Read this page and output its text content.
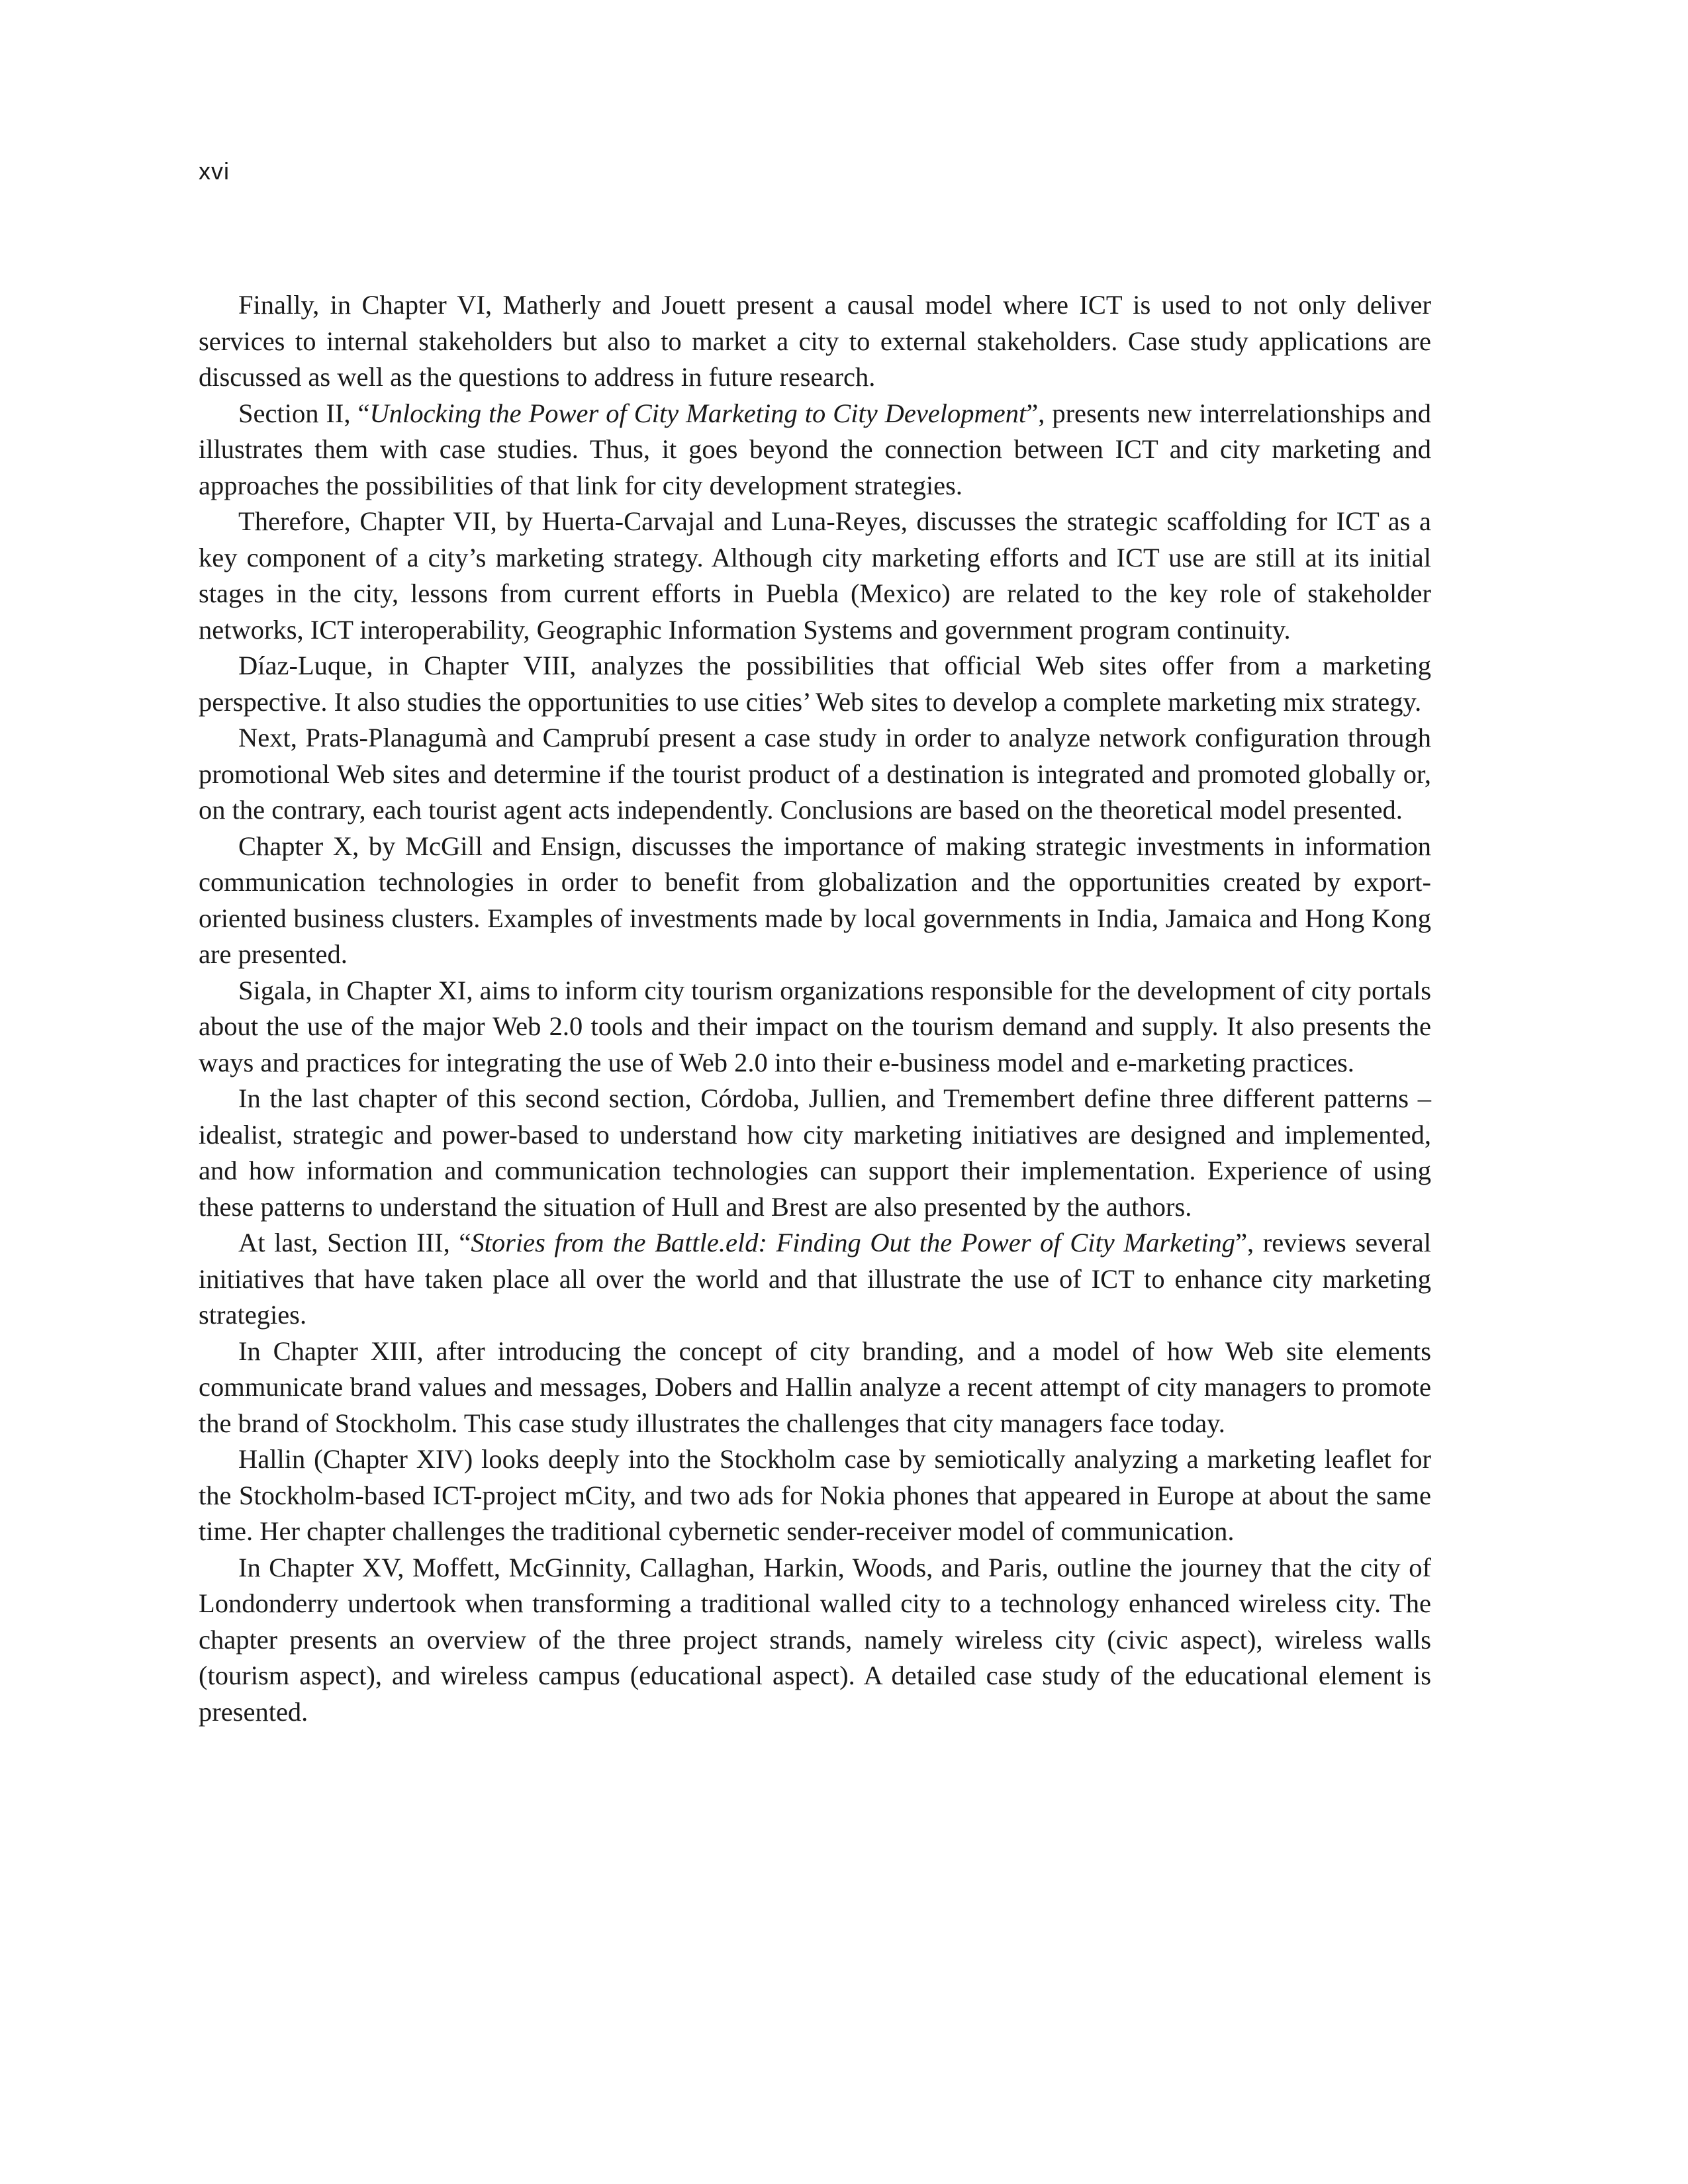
xvi

Finally, in Chapter VI, Matherly and Jouett present a causal model where ICT is used to not only deliver services to internal stakeholders but also to market a city to external stakeholders. Case study applications are discussed as well as the questions to address in future research.

Section II, “Unlocking the Power of City Marketing to City Development”, presents new interrelationships and illustrates them with case studies. Thus, it goes beyond the connection between ICT and city marketing and approaches the possibilities of that link for city development strategies.

Therefore, Chapter VII, by Huerta-Carvajal and Luna-Reyes, discusses the strategic scaffolding for ICT as a key component of a city’s marketing strategy. Although city marketing efforts and ICT use are still at its initial stages in the city, lessons from current efforts in Puebla (Mexico) are related to the key role of stakeholder networks, ICT interoperability, Geographic Information Systems and government program continuity.

Díaz-Luque, in Chapter VIII, analyzes the possibilities that official Web sites offer from a marketing perspective. It also studies the opportunities to use cities’ Web sites to develop a complete marketing mix strategy.

Next, Prats-Planagumà and Camprubí present a case study in order to analyze network configuration through promotional Web sites and determine if the tourist product of a destination is integrated and promoted globally or, on the contrary, each tourist agent acts independently. Conclusions are based on the theoretical model presented.

Chapter X, by McGill and Ensign, discusses the importance of making strategic investments in information communication technologies in order to benefit from globalization and the opportunities created by export-oriented business clusters. Examples of investments made by local governments in India, Jamaica and Hong Kong are presented.

Sigala, in Chapter XI, aims to inform city tourism organizations responsible for the development of city portals about the use of the major Web 2.0 tools and their impact on the tourism demand and supply. It also presents the ways and practices for integrating the use of Web 2.0 into their e-business model and e-marketing practices.

In the last chapter of this second section, Córdoba, Jullien, and Tremembert define three different patterns –idealist, strategic and power-based to understand how city marketing initiatives are designed and implemented, and how information and communication technologies can support their implementation. Experience of using these patterns to understand the situation of Hull and Brest are also presented by the authors.

At last, Section III, “Stories from the Battle.eld: Finding Out the Power of City Marketing”, reviews several initiatives that have taken place all over the world and that illustrate the use of ICT to enhance city marketing strategies.

In Chapter XIII, after introducing the concept of city branding, and a model of how Web site elements communicate brand values and messages, Dobers and Hallin analyze a recent attempt of city managers to promote the brand of Stockholm. This case study illustrates the challenges that city managers face today.

Hallin (Chapter XIV) looks deeply into the Stockholm case by semiotically analyzing a marketing leaflet for the Stockholm-based ICT-project mCity, and two ads for Nokia phones that appeared in Europe at about the same time. Her chapter challenges the traditional cybernetic sender-receiver model of communication.

In Chapter XV, Moffett, McGinnity, Callaghan, Harkin, Woods, and Paris, outline the journey that the city of Londonderry undertook when transforming a traditional walled city to a technology enhanced wireless city. The chapter presents an overview of the three project strands, namely wireless city (civic aspect), wireless walls (tourism aspect), and wireless campus (educational aspect). A detailed case study of the educational element is presented.
